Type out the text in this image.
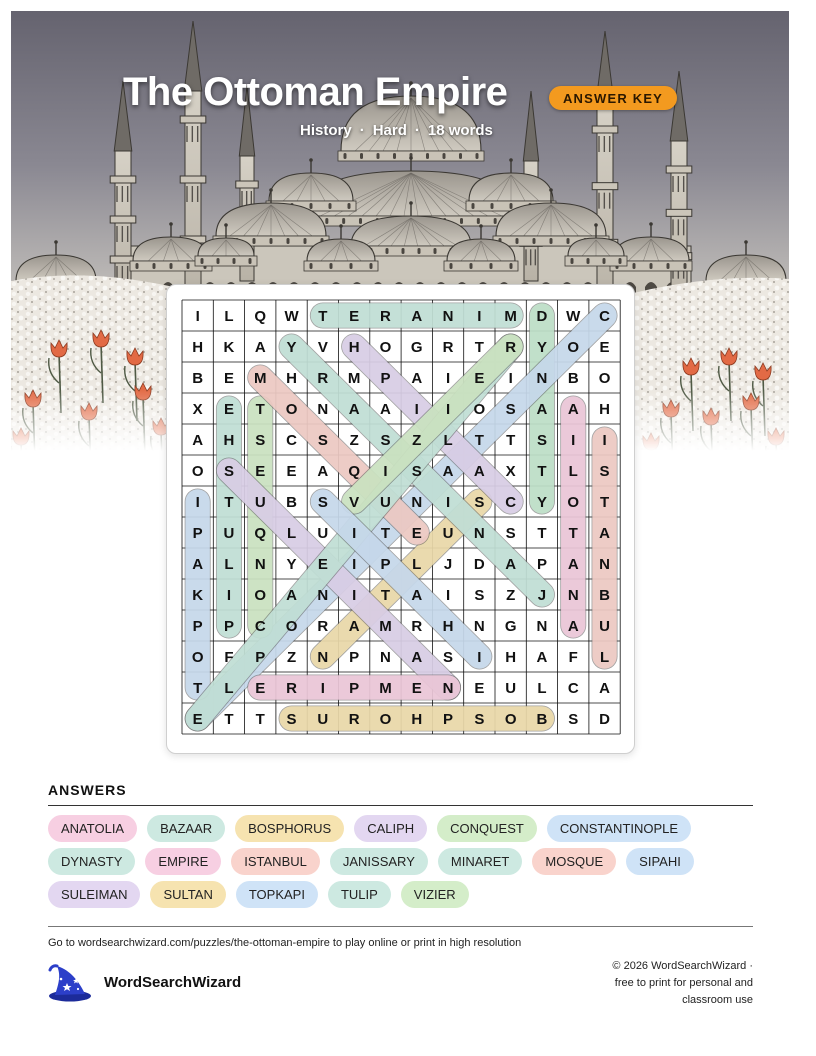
The Ottoman Empire	ANSWER KEY
History · Hard · 18 words
I L Q W T E R A N I M D W C
H K A Y V H O G R T R Y O E
B E M H R M P A I E I N B O
X E T O N A A I I O S A A H
A H S C S Z S Z L T T S I I
O S E E A Q I S A A X T L S
I T U B S V U N I S C Y O T
P U Q L U I T E U N S T T A
A L N Y E I P L J D A P A N
K I O A N I T A I S Z J N B
P P C O R A M R H N G N A U
O F P Z N P N A S I H A F L
T L E R I P M E N E U L C A
E T T S U R O H P S O B S D
ANSWERS
ANATOLIA	BAZAAR	BOSPHORUS	CALIPH	CONQUEST	CONSTANTINOPLE
DYNASTY	EMPIRE	ISTANBUL	JANISSARY	MINARET	MOSQUE	SIPAHI
SULEIMAN	SULTAN	TOPKAPI	TULIP	VIZIER
Go to wordsearchwizard.com/puzzles/the-ottoman-empire to play online or print in high resolution
WordSearchWizard
© 2026 WordSearchWizard ·
free to print for personal and
classroom use
